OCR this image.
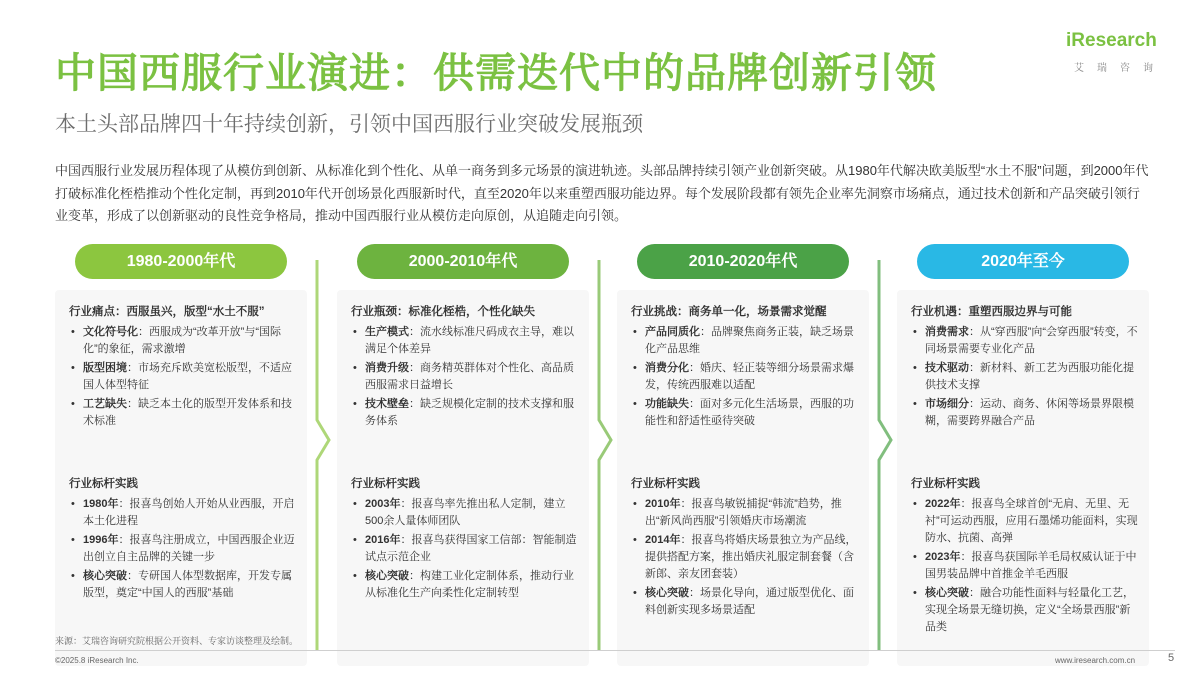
中国西服行业演进：供需迭代中的品牌创新引领
本土头部品牌四十年持续创新，引领中国西服行业突破发展瓶颈
iResearch
艾瑞咨询
中国西服行业发展历程体现了从模仿到创新、从标准化到个性化、从单一商务到多元场景的演进轨迹。头部品牌持续引领产业创新突破。从1980年代解决欧美版型“水土不服”问题，到2000年代打破标准化桎梏推动个性化定制，再到2010年代开创场景化西服新时代，直至2020年以来重塑西服功能边界。每个发展阶段都有领先企业率先洞察市场痛点，通过技术创新和产品突破引领行业变革，形成了以创新驱动的良性竞争格局，推动中国西服行业从模仿走向原创，从追随走向引领。
1980-2000年代
行业痛点：西服虽兴，版型“水土不服”
• 文化符号化：西服成为“改革开放”与“国际化”的象征，需求激增
• 版型困境：市场充斥欧美宽松版型，不适应国人体型特征
• 工艺缺失：缺乏本土化的版型开发体系和技术标准
行业标杆实践
• 1980年：报喜鸟创始人开始从业西服，开启本土化进程
• 1996年：报喜鸟注册成立，中国西服企业迈出创立自主品牌的关键一步
• 核心突破：专研国人体型数据库，开发专属版型，奠定“中国人的西服”基础
2000-2010年代
行业瓶颈：标准化桎梏，个性化缺失
• 生产模式：流水线标准尺码成衣主导，难以满足个体差异
• 消费升级：商务精英群体对个性化、高品质西服需求日益增长
• 技术壁垒：缺乏规模化定制的技术支撑和服务体系
行业标杆实践
• 2003年：报喜鸟率先推出私人定制，建立500余人量体师团队
• 2016年：报喜鸟获得国家工信部：智能制造试点示范企业
• 核心突破：构建工业化定制体系，推动行业从标准化生产向柔性化定制转型
2010-2020年代
行业挑战：商务单一化，场景需求觉醒
• 产品同质化：品牌聚焦商务正装，缺乏场景化产品思维
• 消费分化：婚庆、轻正装等细分场景需求爆发，传统西服难以适配
• 功能缺失：面对多元化生活场景，西服的功能性和舒适性亟待突破
行业标杆实践
• 2010年：报喜鸟敏锐捕捉“韩流”趋势，推出“新风尚西服”引领婚庆市场潮流
• 2014年：报喜鸟将婚庆场景独立为产品线，提供搭配方案，推出婚庆礼服定制套餐（含新郎、亲友团套装）
• 核心突破：场景化导向，通过版型优化、面料创新实现多场景适配
2020年至今
行业机遇：重塑西服边界与可能
• 消费需求：从“穿西服”向“会穿西服”转变，不同场景需要专业化产品
• 技术驱动：新材料、新工艺为西服功能化提供技术支撑
• 市场细分：运动、商务、休闲等场景界限模糊，需要跨界融合产品
行业标杆实践
• 2022年：报喜鸟全球首创“无肩、无里、无衬”可运动西服，应用石墨烯功能面料，实现防水、抗菌、高弹
• 2023年：报喜鸟获国际羊毛局权威认证于中国男装品牌中首推金羊毛西服
• 核心突破：融合功能性面料与轻量化工艺，实现全场景无缝切换，定义“全场景西服”新品类
来源：艾瑞咨询研究院根据公开资料、专家访谈整理及绘制。
©2025.8 iResearch Inc.	www.iresearch.com.cn	5
